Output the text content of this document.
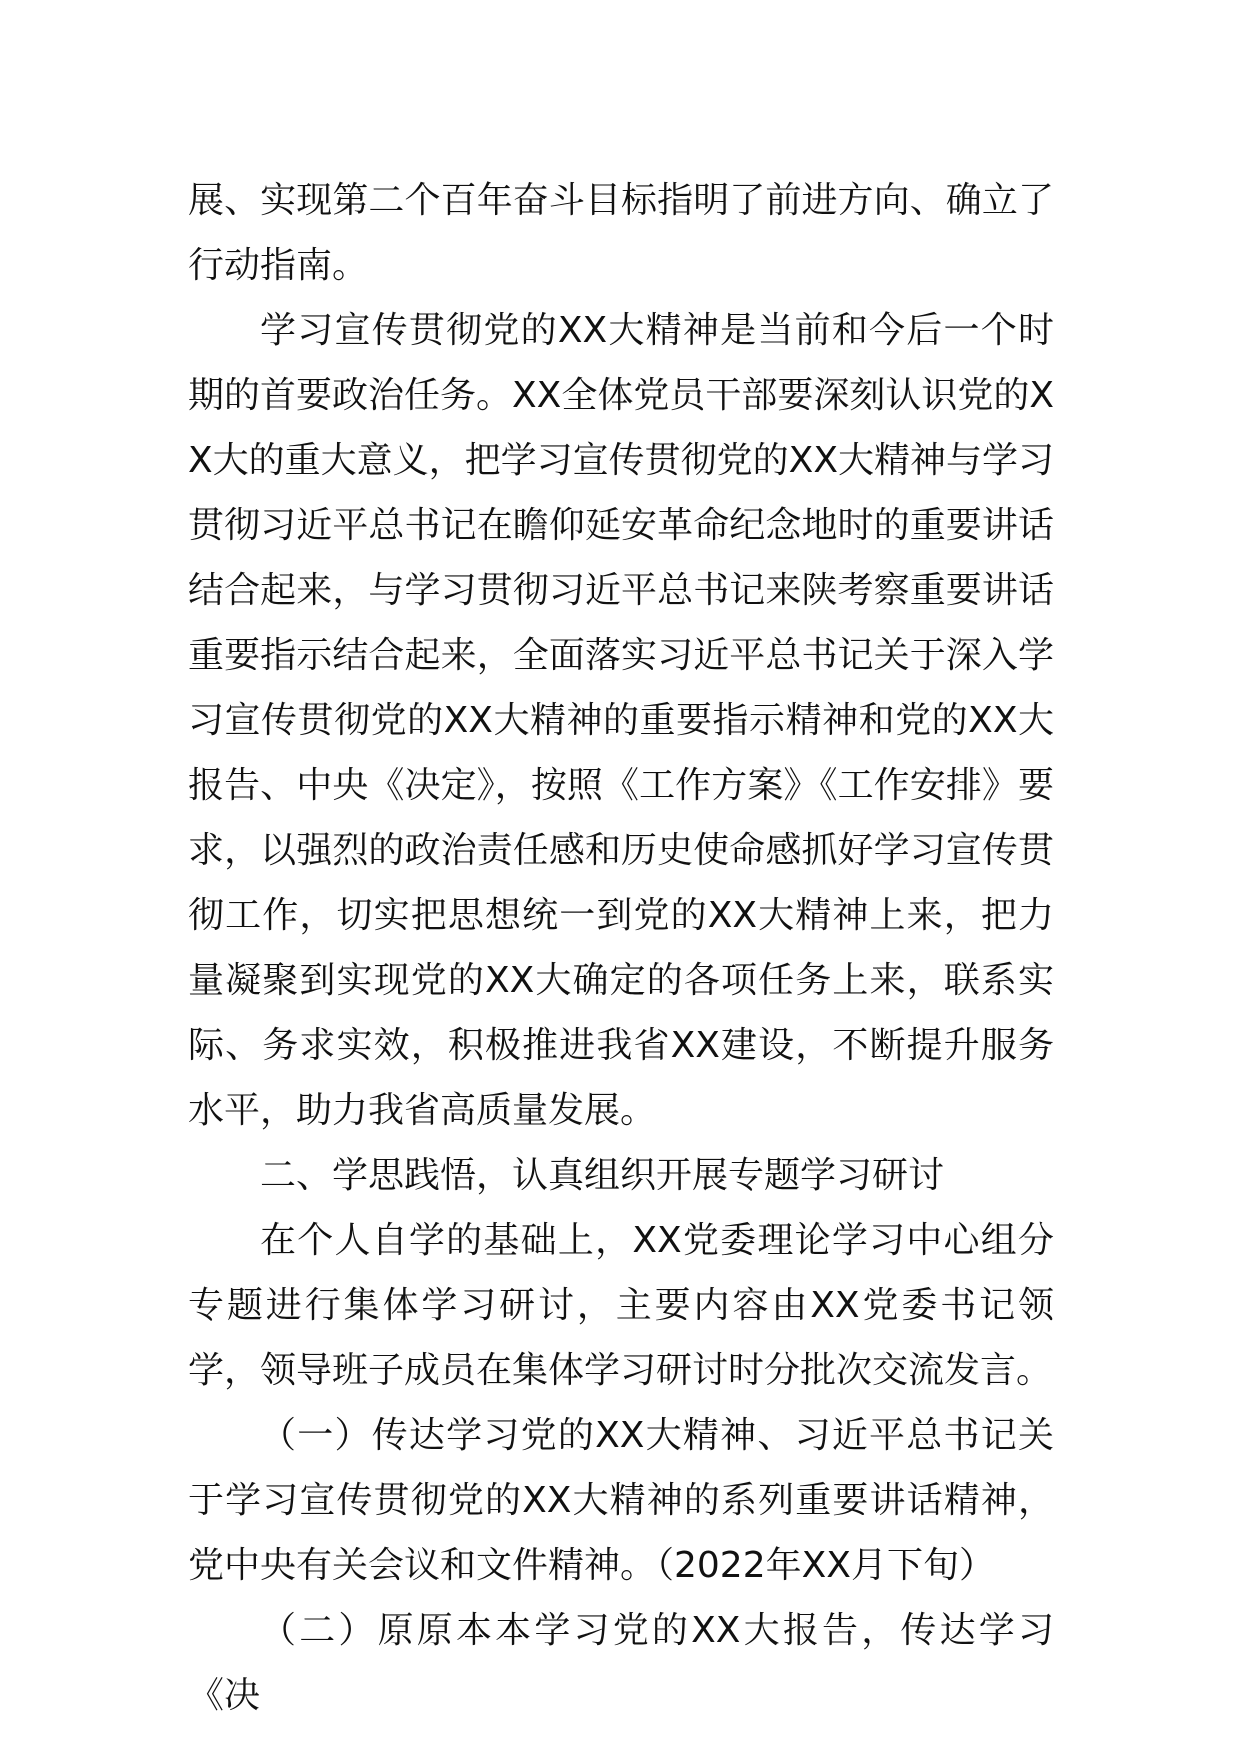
展、实现第二个百年奋斗目标指明了前进方向、确立了行动指南。

学习宣传贯彻党的XX大精神是当前和今后一个时期的首要政治任务。XX全体党员干部要深刻认识党的XX大的重大意义，把学习宣传贯彻党的XX大精神与学习贯彻习近平总书记在瞻仰延安革命纪念地时的重要讲话结合起来，与学习贯彻习近平总书记来陕考察重要讲话重要指示结合起来，全面落实习近平总书记关于深入学习宣传贯彻党的XX大精神的重要指示精神和党的XX大报告、中央《决定》，按照《工作方案》《工作安排》要求，以强烈的政治责任感和历史使命感抓好学习宣传贯彻工作，切实把思想统一到党的XX大精神上来，把力量凝聚到实现党的XX大确定的各项任务上来，联系实际、务求实效，积极推进我省XX建设，不断提升服务水平，助力我省高质量发展。

二、学思践悟，认真组织开展专题学习研讨

在个人自学的基础上，XX党委理论学习中心组分专题进行集体学习研讨，主要内容由XX党委书记领学，领导班子成员在集体学习研讨时分批次交流发言。

（一）传达学习党的XX大精神、习近平总书记关于学习宣传贯彻党的XX大精神的系列重要讲话精神，党中央有关会议和文件精神。（2022年XX月下旬）

（二）原原本本学习党的XX大报告，传达学习《决
